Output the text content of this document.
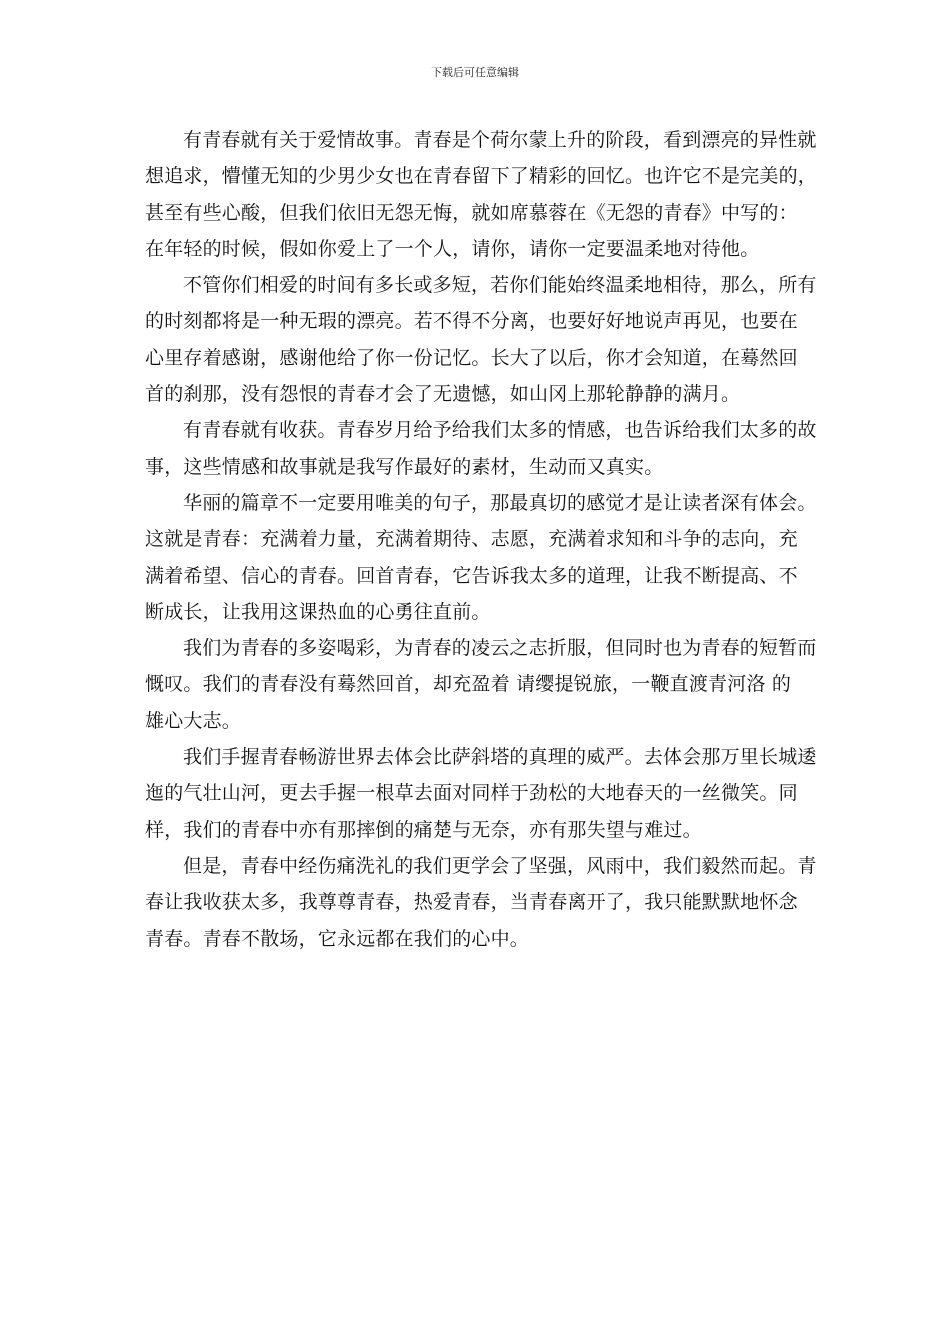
下载后可任意编辑

有青春就有关于爱情故事。青春是个荷尔蒙上升的阶段，看到漂亮的异性就
想追求，懵懂无知的少男少女也在青春留下了精彩的回忆。也许它不是完美的，
甚至有些心酸，但我们依旧无怨无悔，就如席慕蓉在《无怨的青春》中写的：
在年轻的时候，假如你爱上了一个人，请你，请你一定要温柔地对待他。

不管你们相爱的时间有多长或多短，若你们能始终温柔地相待，那么，所有
的时刻都将是一种无瑕的漂亮。若不得不分离，也要好好地说声再见，也要在
心里存着感谢，感谢他给了你一份记忆。长大了以后，你才会知道，在蓦然回
首的刹那，没有怨恨的青春才会了无遗憾，如山冈上那轮静静的满月。

有青春就有收获。青春岁月给予给我们太多的情感，也告诉给我们太多的故
事，这些情感和故事就是我写作最好的素材，生动而又真实。

华丽的篇章不一定要用唯美的句子，那最真切的感觉才是让读者深有体会。
这就是青春：充满着力量，充满着期待、志愿，充满着求知和斗争的志向，充
满着希望、信心的青春。回首青春，它告诉我太多的道理，让我不断提高、不
断成长，让我用这课热血的心勇往直前。

我们为青春的多姿喝彩，为青春的凌云之志折服，但同时也为青春的短暂而
慨叹。我们的青春没有蓦然回首，却充盈着 请缨提锐旅，一鞭直渡青河洛 的
雄心大志。

我们手握青春畅游世界去体会比萨斜塔的真理的威严。去体会那万里长城逶
迤的气壮山河，更去手握一根草去面对同样于劲松的大地春天的一丝微笑。同
样，我们的青春中亦有那摔倒的痛楚与无奈，亦有那失望与难过。

但是，青春中经伤痛洗礼的我们更学会了坚强，风雨中，我们毅然而起。青
春让我收获太多，我尊尊青春，热爱青春，当青春离开了，我只能默默地怀念
青春。青春不散场，它永远都在我们的心中。
